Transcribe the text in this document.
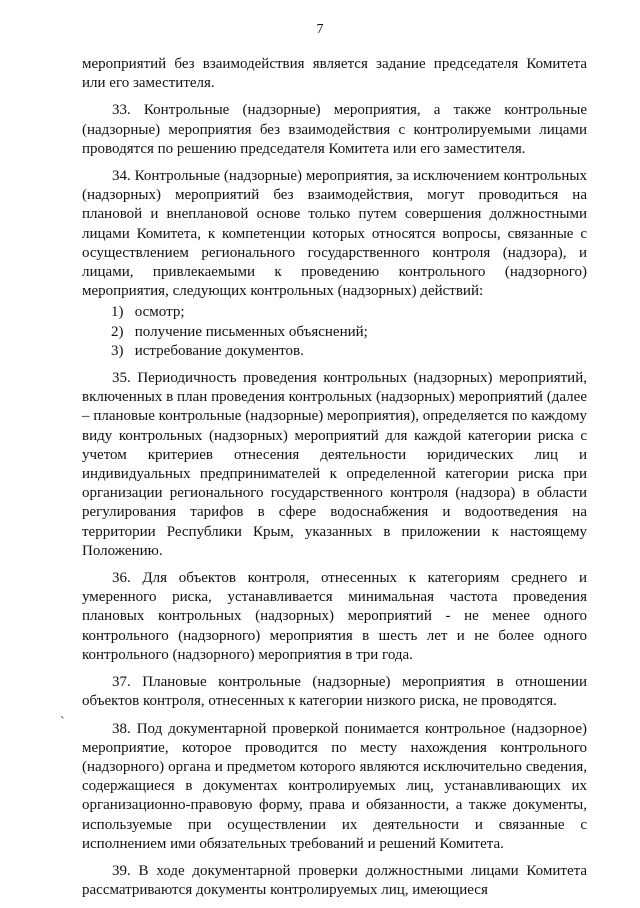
7

мероприятий без взаимодействия является задание председателя Комитета или его заместителя.

33. Контрольные (надзорные) мероприятия, а также контрольные (надзорные) мероприятия без взаимодействия с контролируемыми лицами проводятся по решению председателя Комитета или его заместителя.

34. Контрольные (надзорные) мероприятия, за исключением контрольных (надзорных) мероприятий без взаимодействия, могут проводиться на плановой и внеплановой основе только путем совершения должностными лицами Комитета, к компетенции которых относятся вопросы, связанные с осуществлением регионального государственного контроля (надзора), и лицами, привлекаемыми к проведению контрольного (надзорного) мероприятия, следующих контрольных (надзорных) действий:

1) осмотр;
2) получение письменных объяснений;
3) истребование документов.

35. Периодичность проведения контрольных (надзорных) мероприятий, включенных в план проведения контрольных (надзорных) мероприятий (далее – плановые контрольные (надзорные) мероприятия), определяется по каждому виду контрольных (надзорных) мероприятий для каждой категории риска с учетом критериев отнесения деятельности юридических лиц и индивидуальных предпринимателей к определенной категории риска при организации регионального государственного контроля (надзора) в области регулирования тарифов в сфере водоснабжения и водоотведения на территории Республики Крым, указанных в приложении к настоящему Положению.

36. Для объектов контроля, отнесенных к категориям среднего и умеренного риска, устанавливается минимальная частота проведения плановых контрольных (надзорных) мероприятий - не менее одного контрольного (надзорного) мероприятия в шесть лет и не более одного контрольного (надзорного) мероприятия в три года.

37. Плановые контрольные (надзорные) мероприятия в отношении объектов контроля, отнесенных к категории низкого риска, не проводятся.

38. Под документарной проверкой понимается контрольное (надзорное) мероприятие, которое проводится по месту нахождения контрольного (надзорного) органа и предметом которого являются исключительно сведения, содержащиеся в документах контролируемых лиц, устанавливающих их организационно-правовую форму, права и обязанности, а также документы, используемые при осуществлении их деятельности и связанные с исполнением ими обязательных требований и решений Комитета.

39. В ходе документарной проверки должностными лицами Комитета рассматриваются документы контролируемых лиц, имеющиеся

ˋ
